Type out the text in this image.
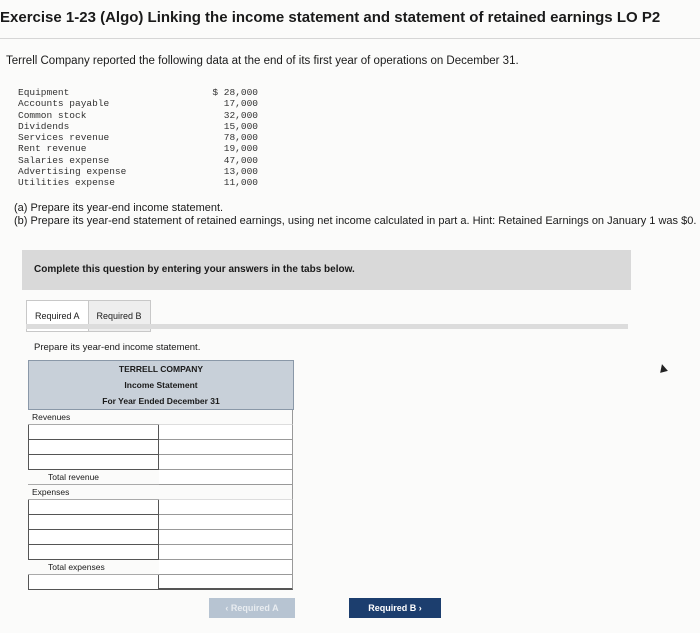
Exercise 1-23 (Algo) Linking the income statement and statement of retained earnings LO P2
Terrell Company reported the following data at the end of its first year of operations on December 31.
Equipment	$ 28,000
Accounts payable	17,000
Common stock	32,000
Dividends	15,000
Services revenue	78,000
Rent revenue	19,000
Salaries expense	47,000
Advertising expense	13,000
Utilities expense	11,000

(a) Prepare its year-end income statement.

(b) Prepare its year-end statement of retained earnings, using net income calculated in part a. Hint: Retained Earnings on January 1 was $0.

Complete this question by entering your answers in the tabs below.
Required A	Required B
Prepare its year-end income statement.
TERRELL COMPANY
Income Statement
For Year Ended December 31
Revenues
Total revenue
Expenses
Total expenses
‹ Required A	Required B ›
